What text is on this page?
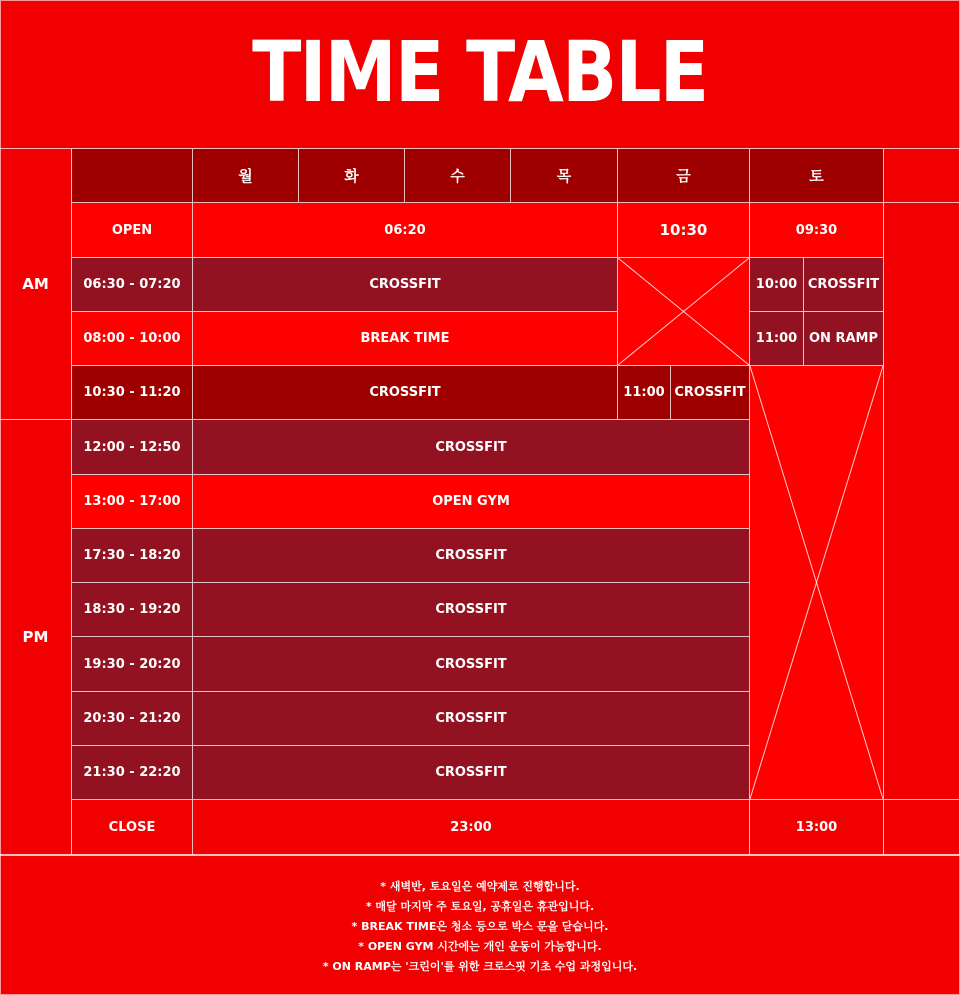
TIME TABLE
AM
PM
월	화	수	목	금	토
OPEN	06:20	10:30	09:30
06:30 - 07:20	CROSSFIT	10:00 CROSSFIT
08:00 - 10:00	BREAK TIME	11:00 ON RAMP
10:30 - 11:20	CROSSFIT	11:00 CROSSFIT
12:00 - 12:50	CROSSFIT
13:00 - 17:00	OPEN GYM
17:30 - 18:20	CROSSFIT
18:30 - 19:20	CROSSFIT
19:30 - 20:20	CROSSFIT
20:30 - 21:20	CROSSFIT
21:30 - 22:20	CROSSFIT
CLOSE	23:00	13:00
* 새벽반, 토요일은 예약제로 진행합니다.
* 매달 마지막 주 토요일, 공휴일은 휴관입니다.
* BREAK TIME은 청소 등으로 박스 문을 닫습니다.
* OPEN GYM 시간에는 개인 운동이 가능합니다.
* ON RAMP는 '크린이'를 위한 크로스핏 기초 수업 과정입니다.
